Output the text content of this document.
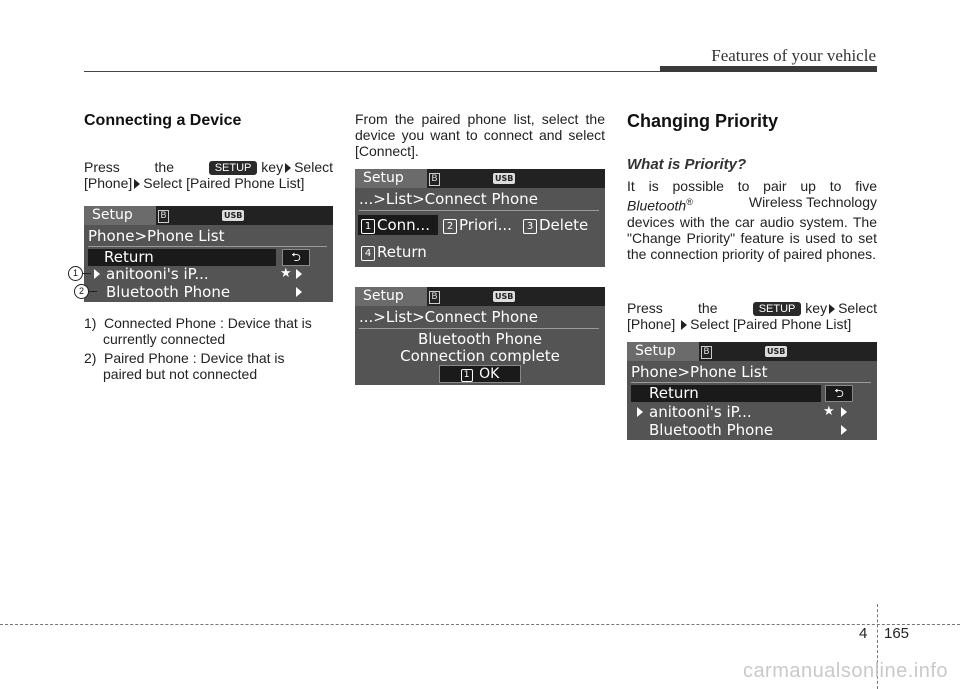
Features of your vehicle
Connecting a Device
Press the	SETUP key Select
[Phone] Select [Paired Phone List]
Setup	B	USB
Phone>Phone List
Return	⮌
anitooni's iP...	★
Bluetooth Phone
1
2
1) Connected Phone : Device that is
currently connected
2) Paired Phone : Device that is
paired but not connected
From the paired phone list, select the device you want to connect and select [Connect].
Setup	B	USB
...>List>Connect Phone
1 Conn...	2 Priori...	3 Delete
4 Return
Setup	B	USB
...>List>Connect Phone
Bluetooth Phone
Connection complete
1 OK
Changing Priority
What is Priority?
It is possible to pair up to five
Bluetooth®	Wireless Technology
devices with the car audio system. The "Change Priority" feature is used to set the connection priority of paired phones.
Press	the	SETUP key Select
[Phone] Select [Paired Phone List]
Setup	B	USB
Phone>Phone List
Return	⮌
anitooni's iP...	★
Bluetooth Phone
4 165
carmanualsonline.info
